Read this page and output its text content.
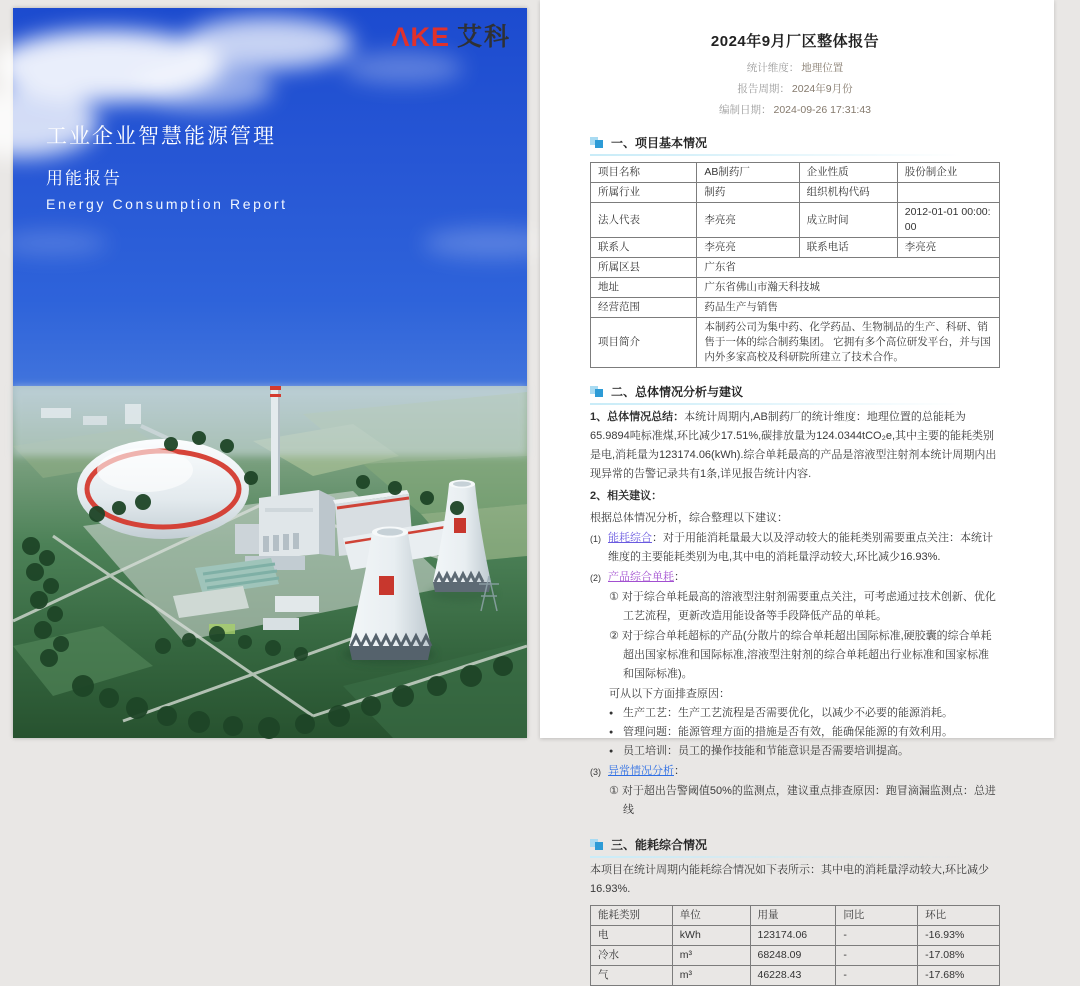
ΛKE 艾科
工业企业智慧能源管理
用能报告
Energy Consumption Report
2024年9月厂区整体报告
统计维度： 地理位置
报告周期： 2024年9月份
编制日期： 2024-09-26 17:31:43
一、项目基本情况
项目名称	AB制药厂	企业性质	股份制企业
所属行业	制药	组织机构代码	
法人代表	李亮亮	成立时间	2012-01-01 00:00:00
联系人	李亮亮	联系电话	李亮亮
所属区县	广东省		
地址	广东省佛山市瀚天科技城		
经营范围	药品生产与销售		
项目简介	本制药公司为集中药、化学药品、生物制品的生产、科研、销售于一体的综合制药集团。 它拥有多个高位研发平台，并与国内外多家高校及科研院所建立了技术合作。		
二、总体情况分析与建议

1、总体情况总结：本统计周期内,AB制药厂的统计维度：地理位置的总能耗为65.9894吨标准煤,环比减少17.51%,碳排放量为124.0344tCO₂e,其中主要的能耗类别是电,消耗量为123174.06(kWh).综合单耗最高的产品是溶液型注射剂本统计周期内出现异常的告警记录共有1条,详见报告统计内容.

2、相关建议：

根据总体情况分析，综合整理以下建议：

(1) 能耗综合：对于用能消耗量最大以及浮动较大的能耗类别需要重点关注：本统计维度的主要能耗类别为电,其中电的消耗量浮动较大,环比减少16.93%.
(2) 产品综合单耗：
① 对于综合单耗最高的溶液型注射剂需要重点关注，可考虑通过技术创新、优化工艺流程，更新改造用能设备等手段降低产品的单耗。
② 对于综合单耗超标的产品(分散片的综合单耗超出国际标准,硬胶囊的综合单耗超出国家标准和国际标准,溶液型注射剂的综合单耗超出行业标准和国家标准和国际标准)。
可从以下方面排查原因：
● 生产工艺：生产工艺流程是否需要优化，以减少不必要的能源消耗。
● 管理问题：能源管理方面的措施是否有效，能确保能源的有效利用。
● 员工培训：员工的操作技能和节能意识是否需要培训提高。
(3) 异常情况分析：
① 对于超出告警阈值50%的监测点，建议重点排查原因：跑冒滴漏监测点：总进线
三、能耗综合情况

本项目在统计周期内能耗综合情况如下表所示：其中电的消耗量浮动较大,环比减少16.93%.

能耗类别	单位	用量	同比	环比
电	kWh	123174.06	-	-16.93%
冷水	m³	68248.09	-	-17.08%
气	m³	46228.43	-	-17.68%
